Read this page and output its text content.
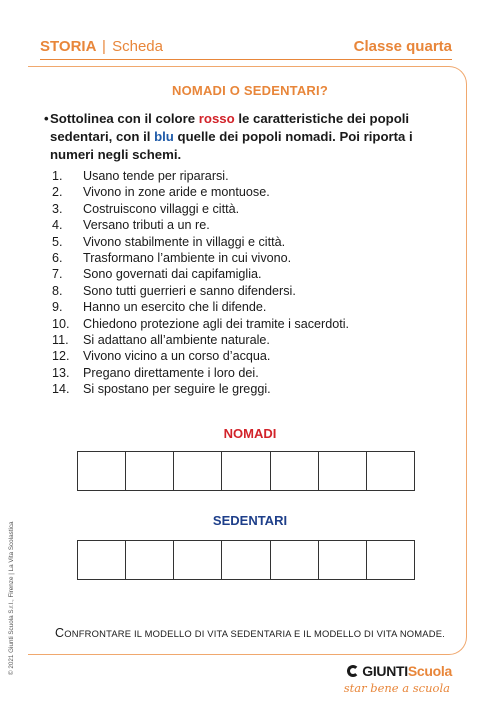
STORIA | Scheda	Classe quarta
NOMADI O SEDENTARI?
• Sottolinea con il colore rosso le caratteristiche dei popoli sedentari, con il blu quelle dei popoli nomadi. Poi riporta i numeri negli schemi.
1. Usano tende per ripararsi.
2. Vivono in zone aride e montuose.
3. Costruiscono villaggi e città.
4. Versano tributi a un re.
5. Vivono stabilmente in villaggi e città.
6. Trasformano l’ambiente in cui vivono.
7. Sono governati dai capifamiglia.
8. Sono tutti guerrieri e sanno difendersi.
9. Hanno un esercito che li difende.
10. Chiedono protezione agli dei tramite i sacerdoti.
11. Si adattano all’ambiente naturale.
12. Vivono vicino a un corso d’acqua.
13. Pregano direttamente i loro dei.
14. Si spostano per seguire le greggi.
NOMADI
SEDENTARI
CONFRONTARE IL MODELLO DI VITA SEDENTARIA E IL MODELLO DI VITA NOMADE.
© 2021 Giunti Scuola S.r.l., Firenze | La Vita Scolastica	GIUNTIScuola
star bene a scuola
